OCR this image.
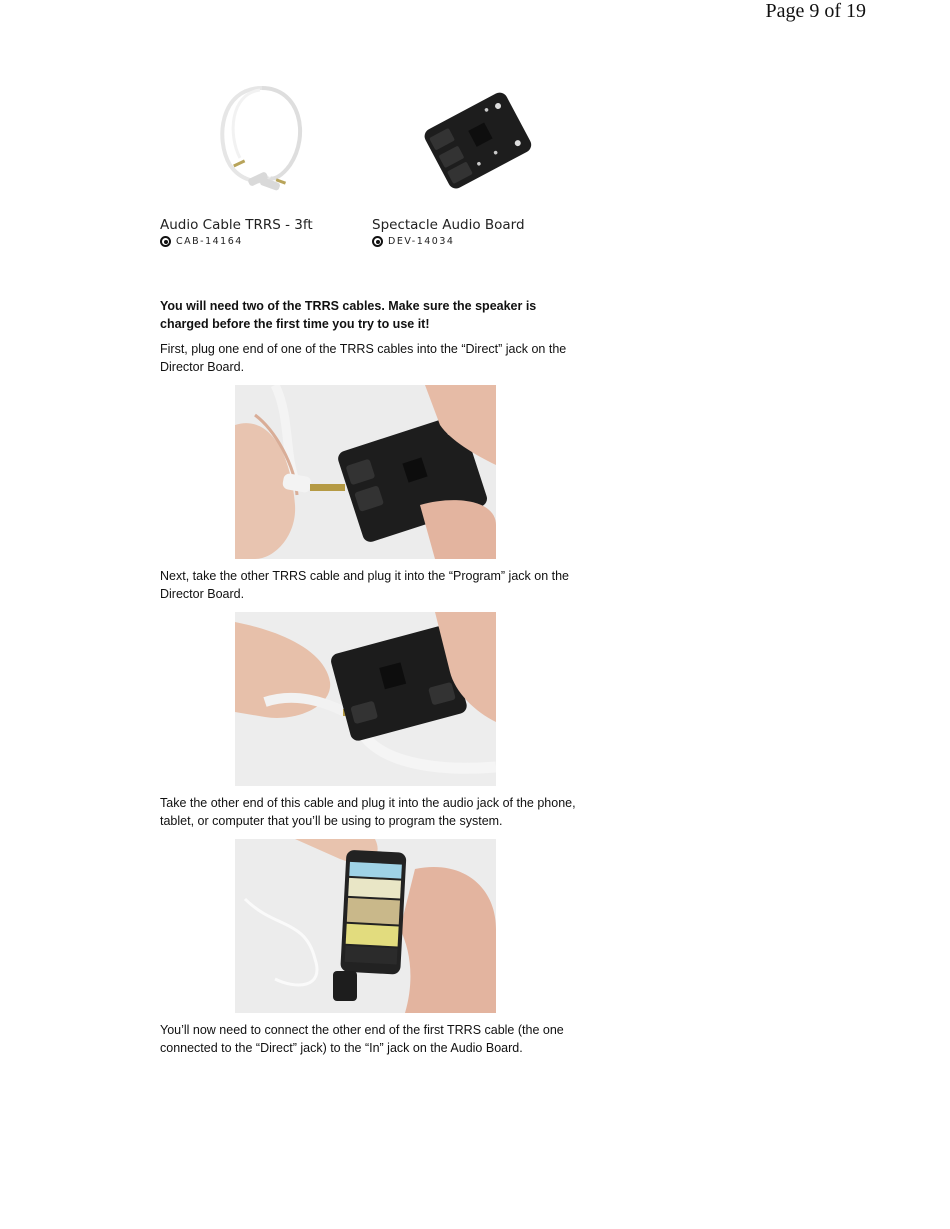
Page 9 of 19
Audio Cable TRRS - 3ft
CAB-14164
Spectacle Audio Board
DEV-14034

You will need two of the TRRS cables. Make sure the speaker is charged before the first time you try to use it!

First, plug one end of one of the TRRS cables into the “Direct” jack on the Director Board.

Next, take the other TRRS cable and plug it into the “Program” jack on the Director Board.

Take the other end of this cable and plug it into the audio jack of the phone, tablet, or computer that you’ll be using to program the system.

You’ll now need to connect the other end of the first TRRS cable (the one connected to the “Direct” jack) to the “In” jack on the Audio Board.
